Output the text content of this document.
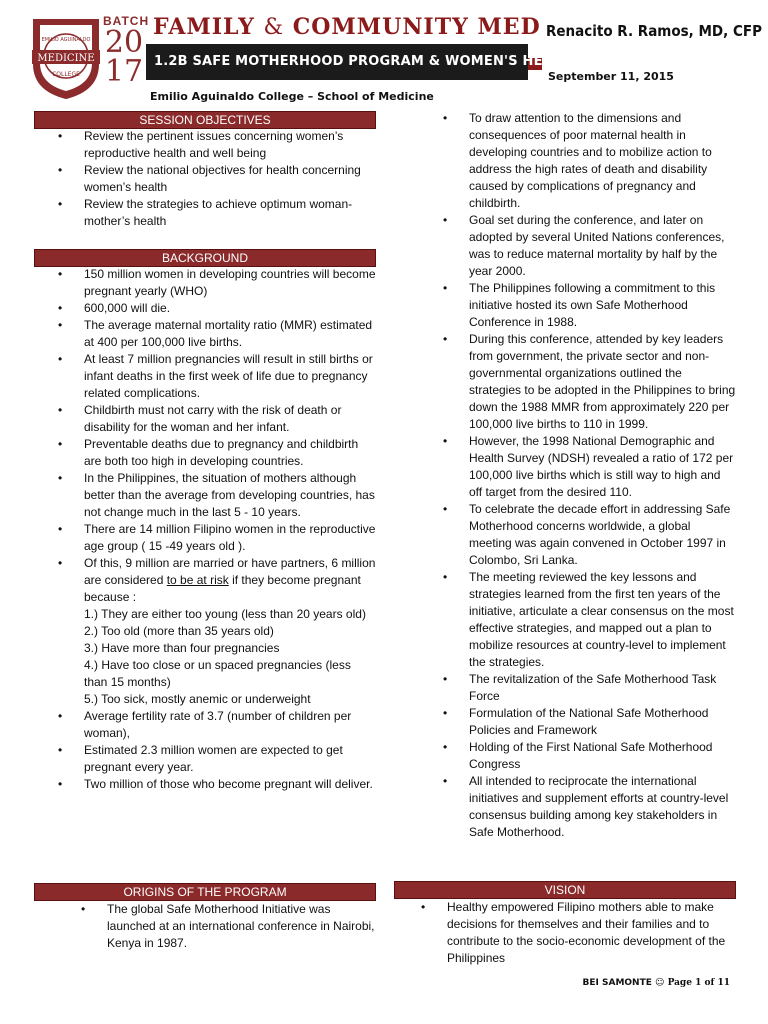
MEDICINE
EMILIO AGUINALDO
COLLEGE
BATCH
20
17
FAMILY & COMMUNITY MED Renacito R. Ramos, MD, CFP
1.2B SAFE MOTHERHOOD PROGRAM & WOMEN'S HEALTH
September 11, 2015
Emilio Aguinaldo College – School of Medicine
SESSION OBJECTIVES
• Review the pertinent issues concerning women’s reproductive health and well being
• Review the national objectives for health concerning women’s health
• Review the strategies to achieve optimum woman-mother’s health
BACKGROUND
• 150 million women in developing countries will become pregnant yearly (WHO)
• 600,000 will die.
• The average maternal mortality ratio (MMR) estimated at 400 per 100,000 live births.
• At least 7 million pregnancies will result in still births or infant deaths in the first week of life due to pregnancy related complications.
• Childbirth must not carry with the risk of death or disability for the woman and her infant.
• Preventable deaths due to pregnancy and childbirth are both too high in developing countries.
• In the Philippines, the situation of mothers although better than the average from developing countries, has not change much in the last 5 - 10 years.
• There are 14 million Filipino women in the reproductive age group ( 15 -49 years old ).
• Of this, 9 million are married or have partners, 6 million are considered to be at risk if they become pregnant because :
1.) They are either too young (less than 20 years old)
2.) Too old (more than 35 years old)
3.) Have more than four pregnancies
4.) Have too close or un spaced pregnancies (less than 15 months)
5.) Too sick, mostly anemic or underweight
• Average fertility rate of 3.7 (number of children per woman),
• Estimated 2.3 million women are expected to get pregnant every year.
• Two million of those who become pregnant will deliver.
ORIGINS OF THE PROGRAM
• The global Safe Motherhood Initiative was launched at an international conference in Nairobi, Kenya in 1987.
• To draw attention to the dimensions and consequences of poor maternal health in developing countries and to mobilize action to address the high rates of death and disability caused by complications of pregnancy and childbirth.
• Goal set during the conference, and later on adopted by several United Nations conferences, was to reduce maternal mortality by half by the year 2000.
• The Philippines following a commitment to this initiative hosted its own Safe Motherhood Conference in 1988.
• During this conference, attended by key leaders from government, the private sector and non-governmental organizations outlined the strategies to be adopted in the Philippines to bring down the 1988 MMR from approximately 220 per 100,000 live births to 110 in 1999.
• However, the 1998 National Demographic and Health Survey (NDSH) revealed a ratio of 172 per 100,000 live births which is still way to high and off target from the desired 110.
• To celebrate the decade effort in addressing Safe Motherhood concerns worldwide, a global meeting was again convened in October 1997 in Colombo, Sri Lanka.
• The meeting reviewed the key lessons and strategies learned from the first ten years of the initiative, articulate a clear consensus on the most effective strategies, and mapped out a plan to mobilize resources at country-level to implement the strategies.
• The revitalization of the Safe Motherhood Task Force
• Formulation of the National Safe Motherhood Policies and Framework
• Holding of the First National Safe Motherhood Congress
• All intended to reciprocate the international initiatives and supplement efforts at country-level consensus building among key stakeholders in Safe Motherhood.
VISION
• Healthy empowered Filipino mothers able to make decisions for themselves and their families and to contribute to the socio-economic development of the Philippines
BEI SAMONTE ☺ Page 1 of 11
